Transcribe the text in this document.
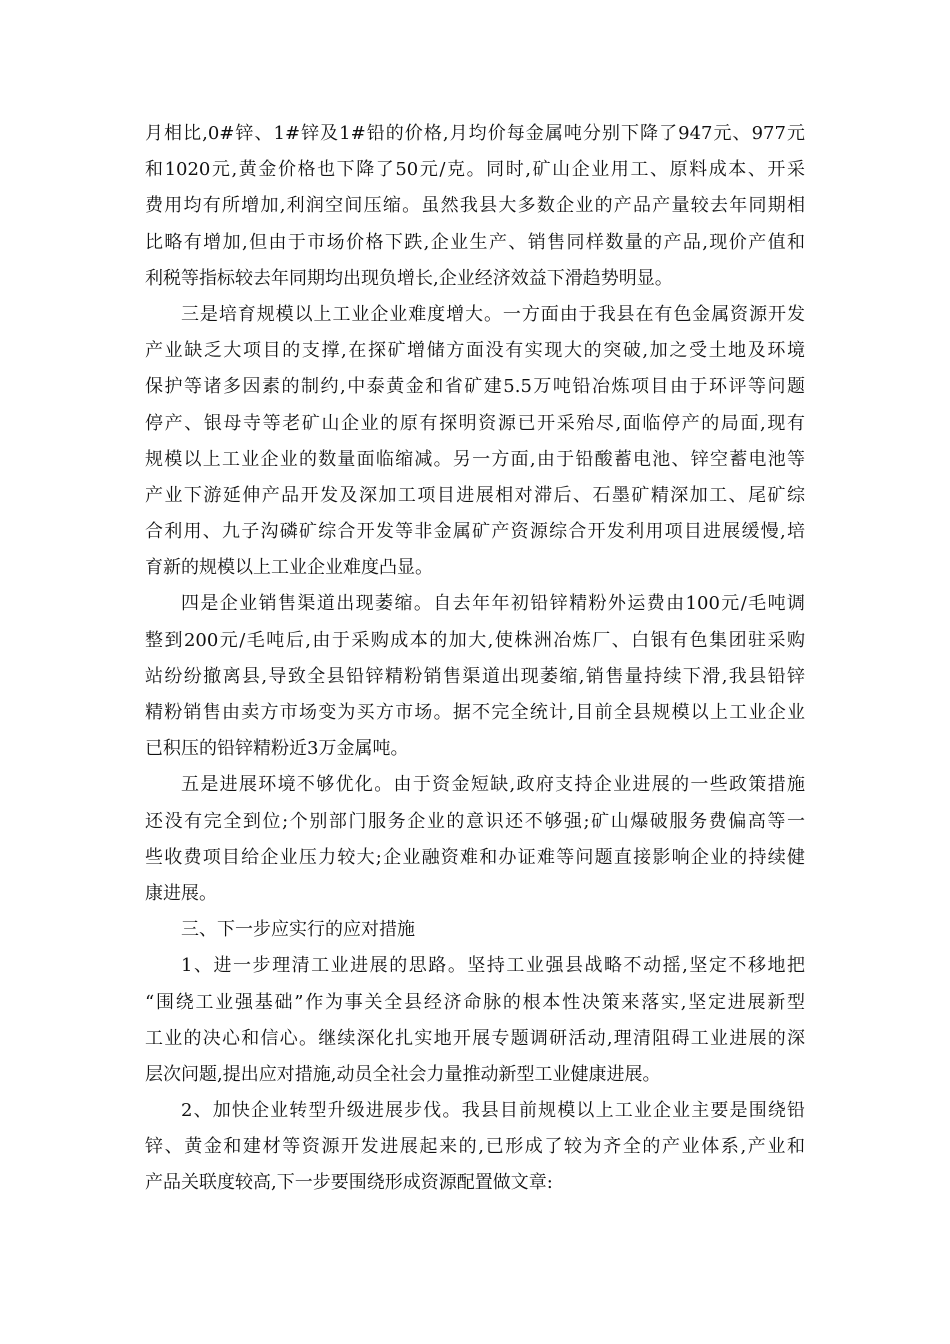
月相比,0#锌、1#锌及1#铅的价格,月均价每金属吨分别下降了947元、977元
和1020元,黄金价格也下降了50元/克。同时,矿山企业用工、原料成本、开采
费用均有所增加,利润空间压缩。虽然我县大多数企业的产品产量较去年同期相
比略有增加,但由于市场价格下跌,企业生产、销售同样数量的产品,现价产值和
利税等指标较去年同期均出现负增长,企业经济效益下滑趋势明显。
三是培育规模以上工业企业难度增大。一方面由于我县在有色金属资源开发
产业缺乏大项目的支撑,在探矿增储方面没有实现大的突破,加之受土地及环境
保护等诸多因素的制约,中泰黄金和省矿建5.5万吨铅冶炼项目由于环评等问题
停产、银母寺等老矿山企业的原有探明资源已开采殆尽,面临停产的局面,现有
规模以上工业企业的数量面临缩减。另一方面,由于铅酸蓄电池、锌空蓄电池等
产业下游延伸产品开发及深加工项目进展相对滞后、石墨矿精深加工、尾矿综
合利用、九子沟磷矿综合开发等非金属矿产资源综合开发利用项目进展缓慢,培
育新的规模以上工业企业难度凸显。
四是企业销售渠道出现萎缩。自去年年初铅锌精粉外运费由100元/毛吨调
整到200元/毛吨后,由于采购成本的加大,使株洲冶炼厂、白银有色集团驻采购
站纷纷撤离县,导致全县铅锌精粉销售渠道出现萎缩,销售量持续下滑,我县铅锌
精粉销售由卖方市场变为买方市场。据不完全统计,目前全县规模以上工业企业
已积压的铅锌精粉近3万金属吨。
五是进展环境不够优化。由于资金短缺,政府支持企业进展的一些政策措施
还没有完全到位;个别部门服务企业的意识还不够强;矿山爆破服务费偏高等一
些收费项目给企业压力较大;企业融资难和办证难等问题直接影响企业的持续健
康进展。
三、下一步应实行的应对措施
1、进一步理清工业进展的思路。坚持工业强县战略不动摇,坚定不移地把
“围绕工业强基础”作为事关全县经济命脉的根本性决策来落实,坚定进展新型
工业的决心和信心。继续深化扎实地开展专题调研活动,理清阻碍工业进展的深
层次问题,提出应对措施,动员全社会力量推动新型工业健康进展。
2、加快企业转型升级进展步伐。我县目前规模以上工业企业主要是围绕铅
锌、黄金和建材等资源开发进展起来的,已形成了较为齐全的产业体系,产业和
产品关联度较高,下一步要围绕形成资源配置做文章:
